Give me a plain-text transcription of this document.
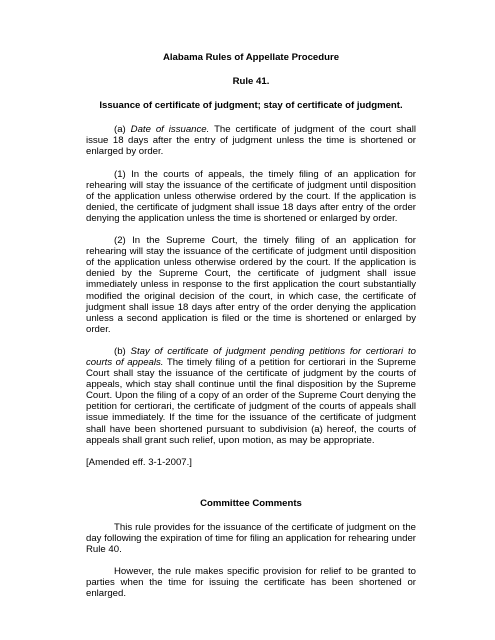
Alabama Rules of Appellate Procedure

Rule 41.

Issuance of certificate of judgment; stay of certificate of judgment.

(a) Date of issuance. The certificate of judgment of the court shall issue 18 days after the entry of judgment unless the time is shortened or enlarged by order.

(1) In the courts of appeals, the timely filing of an application for rehearing will stay the issuance of the certificate of judgment until disposition of the application unless otherwise ordered by the court. If the application is denied, the certificate of judgment shall issue 18 days after entry of the order denying the application unless the time is shortened or enlarged by order.

(2) In the Supreme Court, the timely filing of an application for rehearing will stay the issuance of the certificate of judgment until disposition of the application unless otherwise ordered by the court. If the application is denied by the Supreme Court, the certificate of judgment shall issue immediately unless in response to the first application the court substantially modified the original decision of the court, in which case, the certificate of judgment shall issue 18 days after entry of the order denying the application unless a second application is filed or the time is shortened or enlarged by order.

(b) Stay of certificate of judgment pending petitions for certiorari to courts of appeals. The timely filing of a petition for certiorari in the Supreme Court shall stay the issuance of the certificate of judgment by the courts of appeals, which stay shall continue until the final disposition by the Supreme Court. Upon the filing of a copy of an order of the Supreme Court denying the petition for certiorari, the certificate of judgment of the courts of appeals shall issue immediately. If the time for the issuance of the certificate of judgment shall have been shortened pursuant to subdivision (a) hereof, the courts of appeals shall grant such relief, upon motion, as may be appropriate.

[Amended eff. 3-1-2007.]

Committee Comments

This rule provides for the issuance of the certificate of judgment on the day following the expiration of time for filing an application for rehearing under Rule 40.

However, the rule makes specific provision for relief to be granted to parties when the time for issuing the certificate has been shortened or enlarged.
